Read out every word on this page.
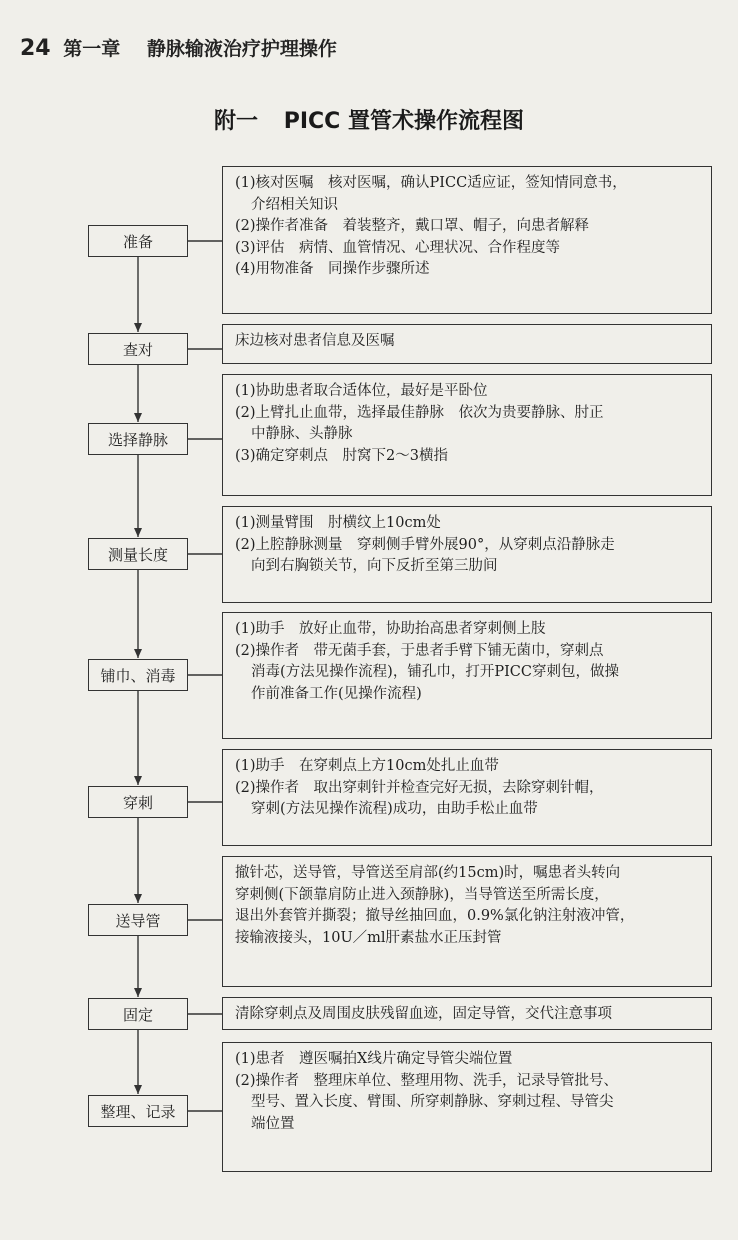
24 第一章 静脉输液治疗护理操作
附一 PICC 置管术操作流程图
准备
(1)核对医嘱　核对医嘱，确认PICC适应证，签知情同意书，
介绍相关知识
(2)操作者准备　着装整齐，戴口罩、帽子，向患者解释
(3)评估　病情、血管情况、心理状况、合作程度等
(4)用物准备　同操作步骤所述
查对	床边核对患者信息及医嘱
选择静脉
(1)协助患者取合适体位，最好是平卧位
(2)上臂扎止血带，选择最佳静脉　依次为贵要静脉、肘正
中静脉、头静脉
(3)确定穿刺点　肘窝下2～3横指
测量长度
(1)测量臂围　肘横纹上10cm处
(2)上腔静脉测量　穿刺侧手臂外展90°，从穿刺点沿静脉走
向到右胸锁关节，向下反折至第三肋间
铺巾、消毒
(1)助手　放好止血带，协助抬高患者穿刺侧上肢
(2)操作者　带无菌手套，于患者手臂下铺无菌巾，穿刺点
消毒(方法见操作流程)，铺孔巾，打开PICC穿刺包，做操
作前准备工作(见操作流程)
穿刺
(1)助手　在穿刺点上方10cm处扎止血带
(2)操作者　取出穿刺针并检查完好无损，去除穿刺针帽，
穿刺(方法见操作流程)成功，由助手松止血带
送导管
撤针芯，送导管，导管送至肩部(约15cm)时，嘱患者头转向
穿刺侧(下颌靠肩防止进入颈静脉)，当导管送至所需长度，
退出外套管并撕裂；撤导丝抽回血，0.9%氯化钠注射液冲管，
接输液接头，10U／ml肝素盐水正压封管
固定	清除穿刺点及周围皮肤残留血迹，固定导管，交代注意事项
整理、记录
(1)患者　遵医嘱拍X线片确定导管尖端位置
(2)操作者　整理床单位、整理用物、洗手，记录导管批号、
型号、置入长度、臂围、所穿刺静脉、穿刺过程、导管尖
端位置
